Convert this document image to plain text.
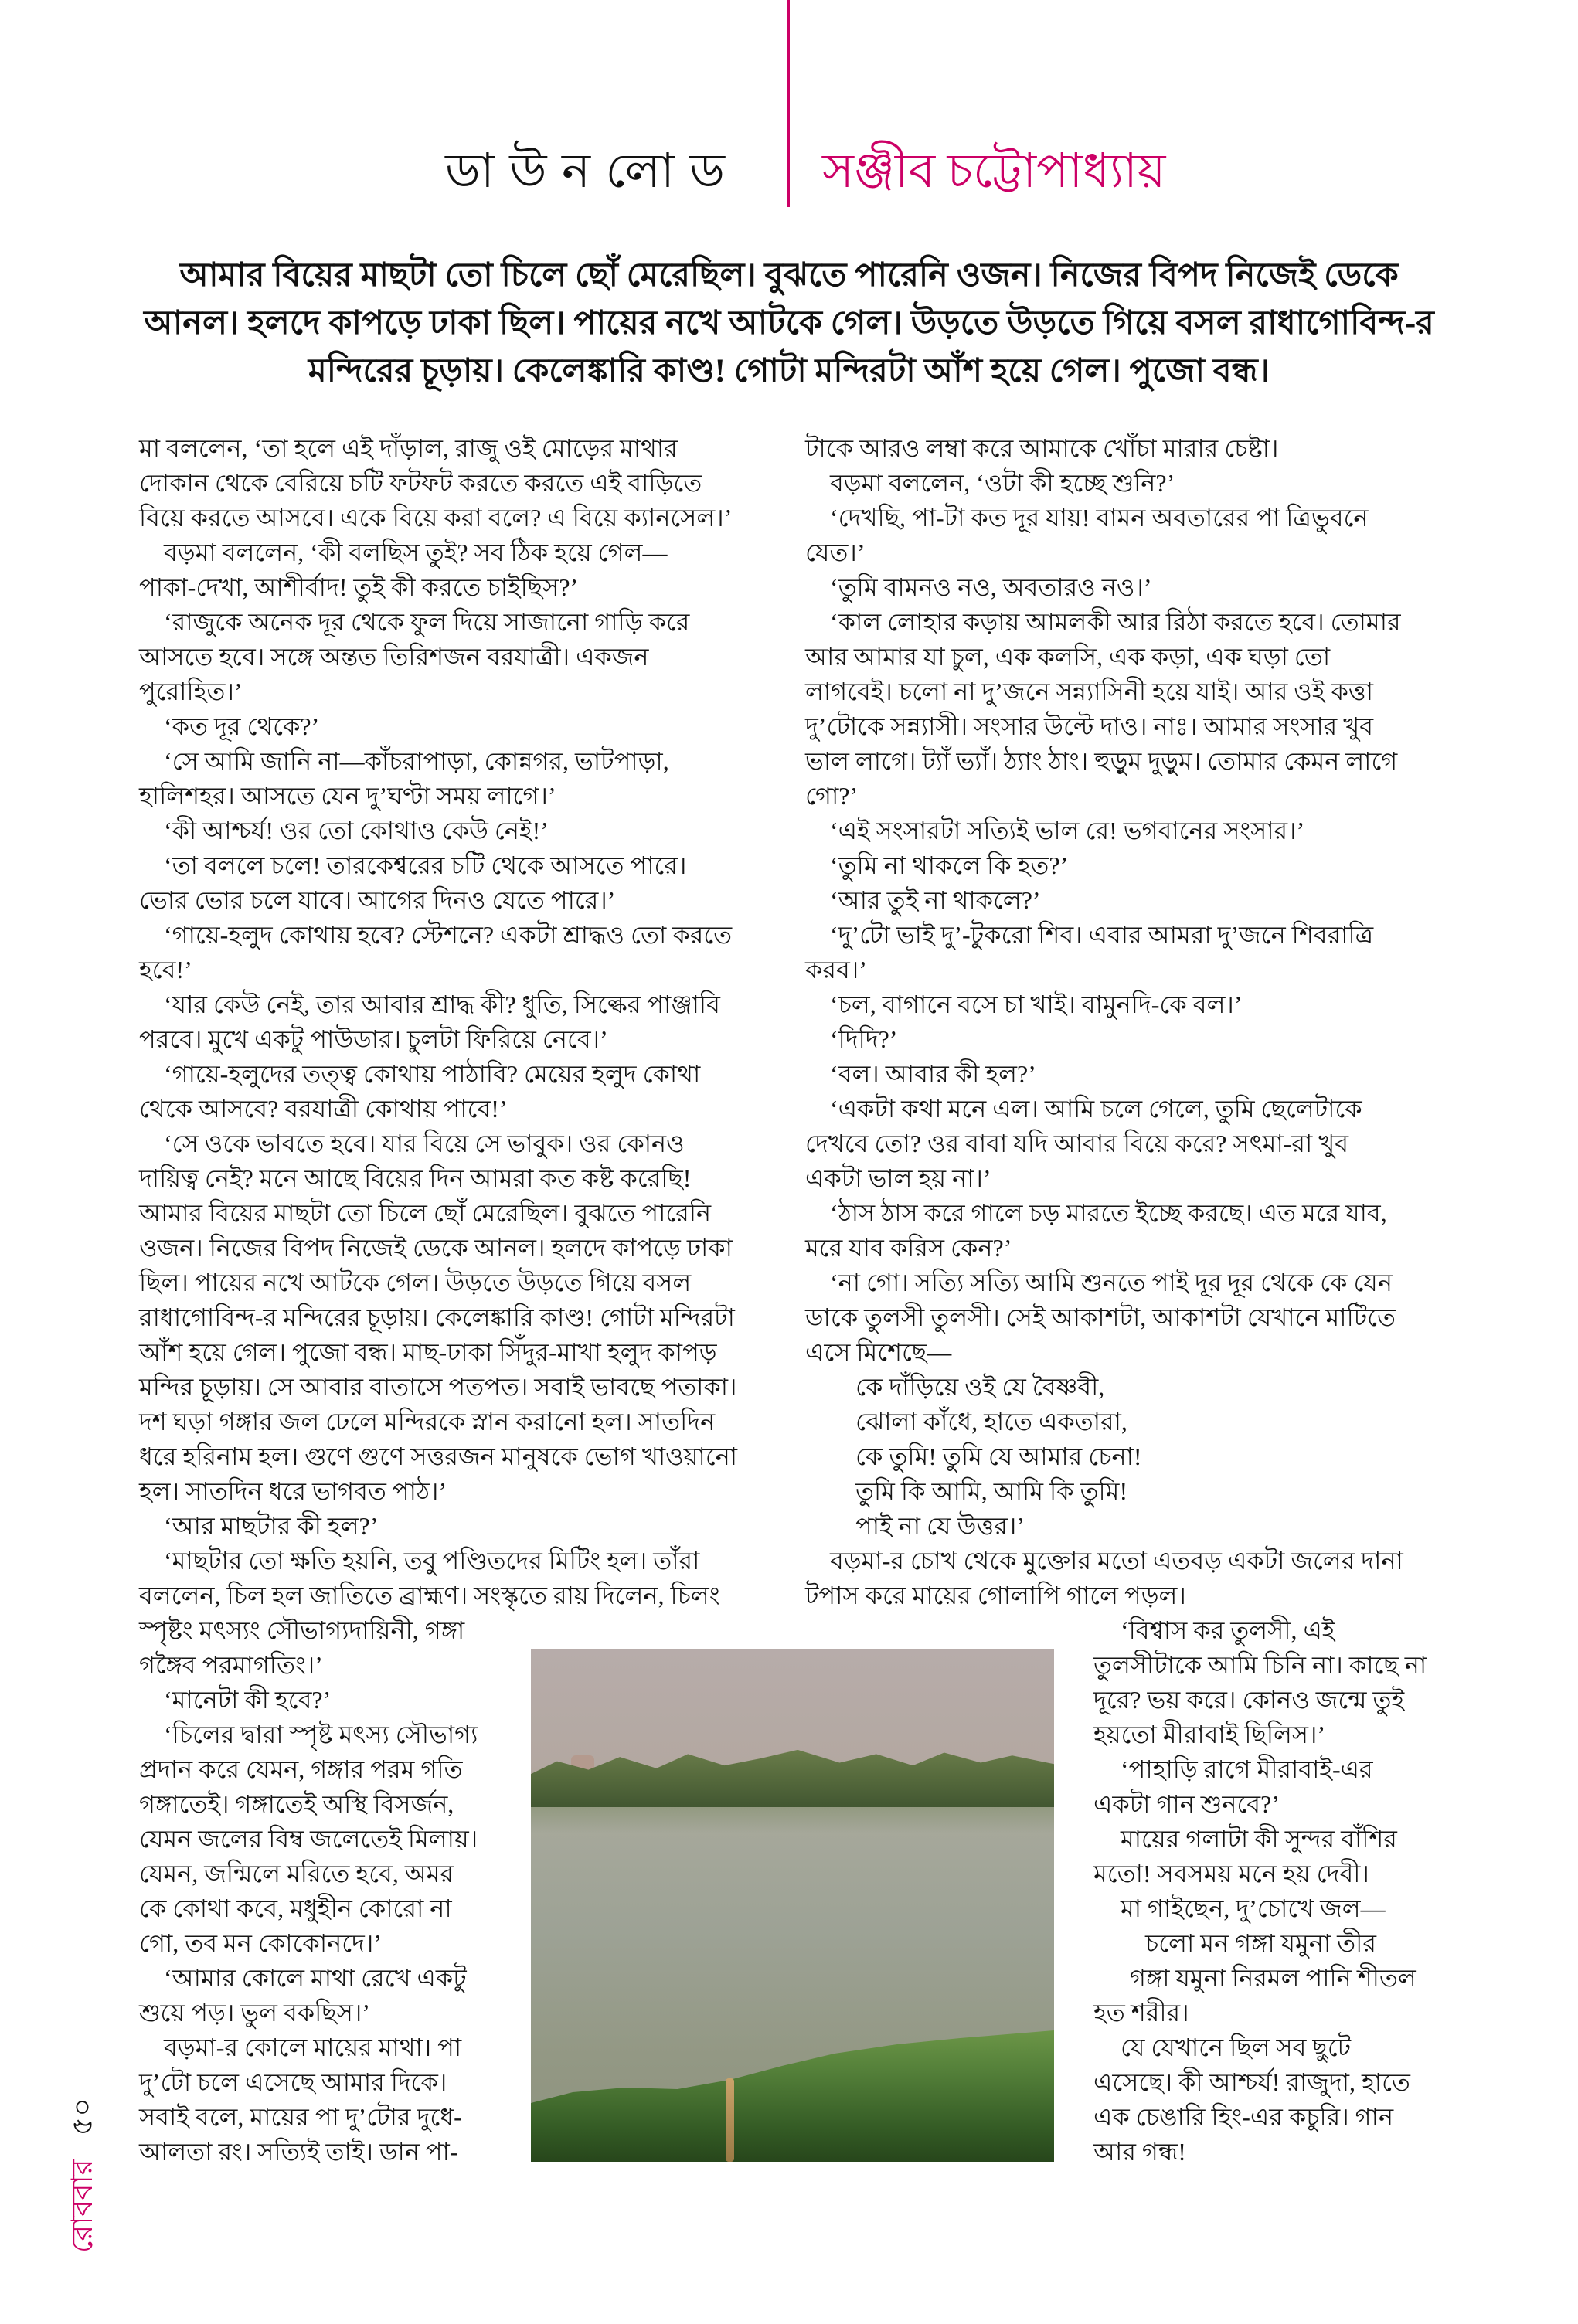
ডা উ ন লো ড সঞ্জীব চট্টোপাধ্যায়
আমার বিয়ের মাছটা তো চিলে ছোঁ মেরেছিল। বুঝতে পারেনি ওজন। নিজের বিপদ নিজেই ডেকে
আনল। হলদে কাপড়ে ঢাকা ছিল। পায়ের নখে আটকে গেল। উড়তে উড়তে গিয়ে বসল রাধাগোবিন্দ-র
মন্দিরের চূড়ায়। কেলেঙ্কারি কাণ্ড! গোটা মন্দিরটা আঁশ হয়ে গেল। পুজো বন্ধ।
মা বললেন, ‘তা হলে এই দাঁড়াল, রাজু ওই মোড়ের মাথার
দোকান থেকে বেরিয়ে চটি ফটফট করতে করতে এই বাড়িতে
বিয়ে করতে আসবে। একে বিয়ে করা বলে? এ বিয়ে ক্যানসেল।’
বড়মা বললেন, ‘কী বলছিস তুই? সব ঠিক হয়ে গেল—
পাকা-দেখা, আশীর্বাদ! তুই কী করতে চাইছিস?’
‘রাজুকে অনেক দূর থেকে ফুল দিয়ে সাজানো গাড়ি করে
আসতে হবে। সঙ্গে অন্তত তিরিশজন বরযাত্রী। একজন
পুরোহিত।’
‘কত দূর থেকে?’
‘সে আমি জানি না—কাঁচরাপাড়া, কোন্নগর, ভাটপাড়া,
হালিশহর। আসতে যেন দু’ঘণ্টা সময় লাগে।’
‘কী আশ্চর্য! ওর তো কোথাও কেউ নেই!’
‘তা বললে চলে! তারকেশ্বরের চটি থেকে আসতে পারে।
ভোর ভোর চলে যাবে। আগের দিনও যেতে পারে।’
‘গায়ে-হলুদ কোথায় হবে? স্টেশনে? একটা শ্রাদ্ধও তো করতে
হবে!’
‘যার কেউ নেই, তার আবার শ্রাদ্ধ কী? ধুতি, সিল্কের পাঞ্জাবি
পরবে। মুখে একটু পাউডার। চুলটা ফিরিয়ে নেবে।’
‘গায়ে-হলুদের তত্ত্ব কোথায় পাঠাবি? মেয়ের হলুদ কোথা
থেকে আসবে? বরযাত্রী কোথায় পাবে!’
‘সে ওকে ভাবতে হবে। যার বিয়ে সে ভাবুক। ওর কোনও
দায়িত্ব নেই? মনে আছে বিয়ের দিন আমরা কত কষ্ট করেছি!
আমার বিয়ের মাছটা তো চিলে ছোঁ মেরেছিল। বুঝতে পারেনি
ওজন। নিজের বিপদ নিজেই ডেকে আনল। হলদে কাপড়ে ঢাকা
ছিল। পায়ের নখে আটকে গেল। উড়তে উড়তে গিয়ে বসল
রাধাগোবিন্দ-র মন্দিরের চূড়ায়। কেলেঙ্কারি কাণ্ড! গোটা মন্দিরটা
আঁশ হয়ে গেল। পুজো বন্ধ। মাছ-ঢাকা সিঁদুর-মাখা হলুদ কাপড়
মন্দির চূড়ায়। সে আবার বাতাসে পতপত। সবাই ভাবছে পতাকা।
দশ ঘড়া গঙ্গার জল ঢেলে মন্দিরকে স্নান করানো হল। সাতদিন
ধরে হরিনাম হল। গুণে গুণে সত্তরজন মানুষকে ভোগ খাওয়ানো
হল। সাতদিন ধরে ভাগবত পাঠ।’
‘আর মাছটার কী হল?’
‘মাছটার তো ক্ষতি হয়নি, তবু পণ্ডিতদের মিটিং হল। তাঁরা
বললেন, চিল হল জাতিতে ব্রাহ্মণ। সংস্কৃতে রায় দিলেন, চিলং
স্পৃষ্টং মৎস্যং সৌভাগ্যদায়িনী, গঙ্গা
গঙ্গৈব পরমাগতিং।’
‘মানেটা কী হবে?’
‘চিলের দ্বারা স্পৃষ্ট মৎস্য সৌভাগ্য
প্রদান করে যেমন, গঙ্গার পরম গতি
গঙ্গাতেই। গঙ্গাতেই অস্থি বিসর্জন,
যেমন জলের বিম্ব জলেতেই মিলায়।
যেমন, জন্মিলে মরিতে হবে, অমর
কে কোথা কবে, মধুহীন কোরো না
গো, তব মন কোকোনদে।’
‘আমার কোলে মাথা রেখে একটু
শুয়ে পড়। ভুল বকছিস।’
বড়মা-র কোলে মায়ের মাথা। পা
দু’টো চলে এসেছে আমার দিকে।
সবাই বলে, মায়ের পা দু’টোর দুধে-
আলতা রং। সত্যিই তাই। ডান পা-
টাকে আরও লম্বা করে আমাকে খোঁচা মারার চেষ্টা।
বড়মা বললেন, ‘ওটা কী হচ্ছে শুনি?’
‘দেখছি, পা-টা কত দূর যায়! বামন অবতারের পা ত্রিভুবনে
যেত।’
‘তুমি বামনও নও, অবতারও নও।’
‘কাল লোহার কড়ায় আমলকী আর রিঠা করতে হবে। তোমার
আর আমার যা চুল, এক কলসি, এক কড়া, এক ঘড়া তো
লাগবেই। চলো না দু’জনে সন্ন্যাসিনী হয়ে যাই। আর ওই কত্তা
দু’টোকে সন্ন্যাসী। সংসার উল্টে দাও। নাঃ। আমার সংসার খুব
ভাল লাগে। ট্যাঁ ভ্যাঁ। ঠ্যাং ঠাং। হুড়ুম দুড়ুম। তোমার কেমন লাগে
গো?’
‘এই সংসারটা সত্যিই ভাল রে! ভগবানের সংসার।’
‘তুমি না থাকলে কি হত?’
‘আর তুই না থাকলে?’
‘দু’টো ভাই দু’-টুকরো শিব। এবার আমরা দু’জনে শিবরাত্রি
করব।’
‘চল, বাগানে বসে চা খাই। বামুনদি-কে বল।’
‘দিদি?’
‘বল। আবার কী হল?’
‘একটা কথা মনে এল। আমি চলে গেলে, তুমি ছেলেটাকে
দেখবে তো? ওর বাবা যদি আবার বিয়ে করে? সৎমা-রা খুব
একটা ভাল হয় না।’
‘ঠাস ঠাস করে গালে চড় মারতে ইচ্ছে করছে। এত মরে যাব,
মরে যাব করিস কেন?’
‘না গো। সত্যি সত্যি আমি শুনতে পাই দূর দূর থেকে কে যেন
ডাকে তুলসী তুলসী। সেই আকাশটা, আকাশটা যেখানে মাটিতে
এসে মিশেছে—
কে দাঁড়িয়ে ওই যে বৈষ্ণবী,
ঝোলা কাঁধে, হাতে একতারা,
কে তুমি! তুমি যে আমার চেনা!
তুমি কি আমি, আমি কি তুমি!
পাই না যে উত্তর।’
বড়মা-র চোখ থেকে মুক্তোর মতো এতবড় একটা জলের দানা
টপাস করে মায়ের গোলাপি গালে পড়ল।
‘বিশ্বাস কর তুলসী, এই
তুলসীটাকে আমি চিনি না। কাছে না
দূরে? ভয় করে। কোনও জন্মে তুই
হয়তো মীরাবাই ছিলিস।’
‘পাহাড়ি রাগে মীরাবাই-এর
একটা গান শুনবে?’
মায়ের গলাটা কী সুন্দর বাঁশির
মতো! সবসময় মনে হয় দেবী।
মা গাইছেন, দু’চোখে জল—
চলো মন গঙ্গা যমুনা তীর
গঙ্গা যমুনা নিরমল পানি শীতল
হত শরীর।
যে যেখানে ছিল সব ছুটে
এসেছে। কী আশ্চর্য! রাজুদা, হাতে
এক চেঙারি হিং-এর কচুরি। গান
আর গন্ধ!
রোববার৫০
